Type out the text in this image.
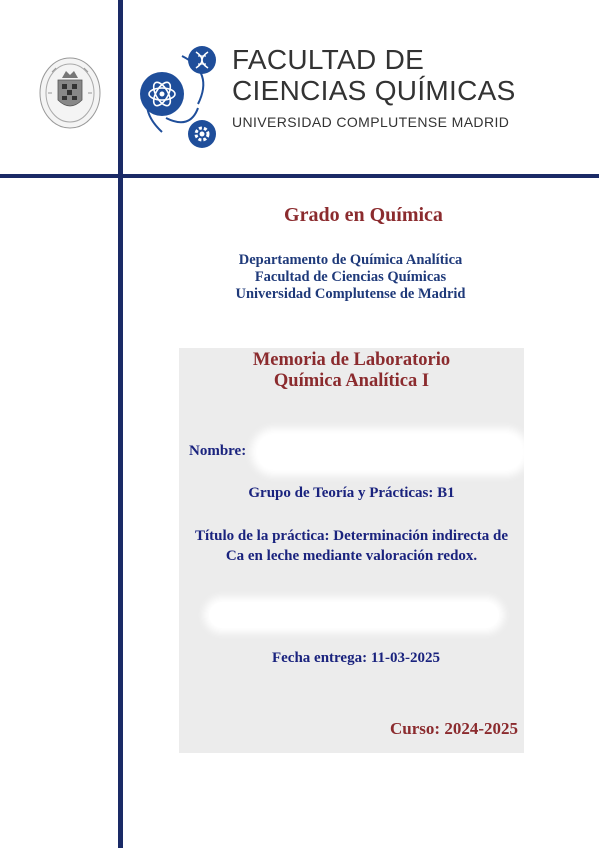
FACULTAD DE
CIENCIAS QUÍMICAS
UNIVERSIDAD COMPLUTENSE MADRID
Grado en Química
Departamento de Química Analítica
Facultad de Ciencias Químicas
Universidad Complutense de Madrid
Memoria de Laboratorio
Química Analítica I
Nombre:
Grupo de Teoría y Prácticas: B1
Título de la práctica: Determinación indirecta de Ca en leche mediante valoración redox.
Fecha entrega: 11-03-2025
Curso: 2024-2025
